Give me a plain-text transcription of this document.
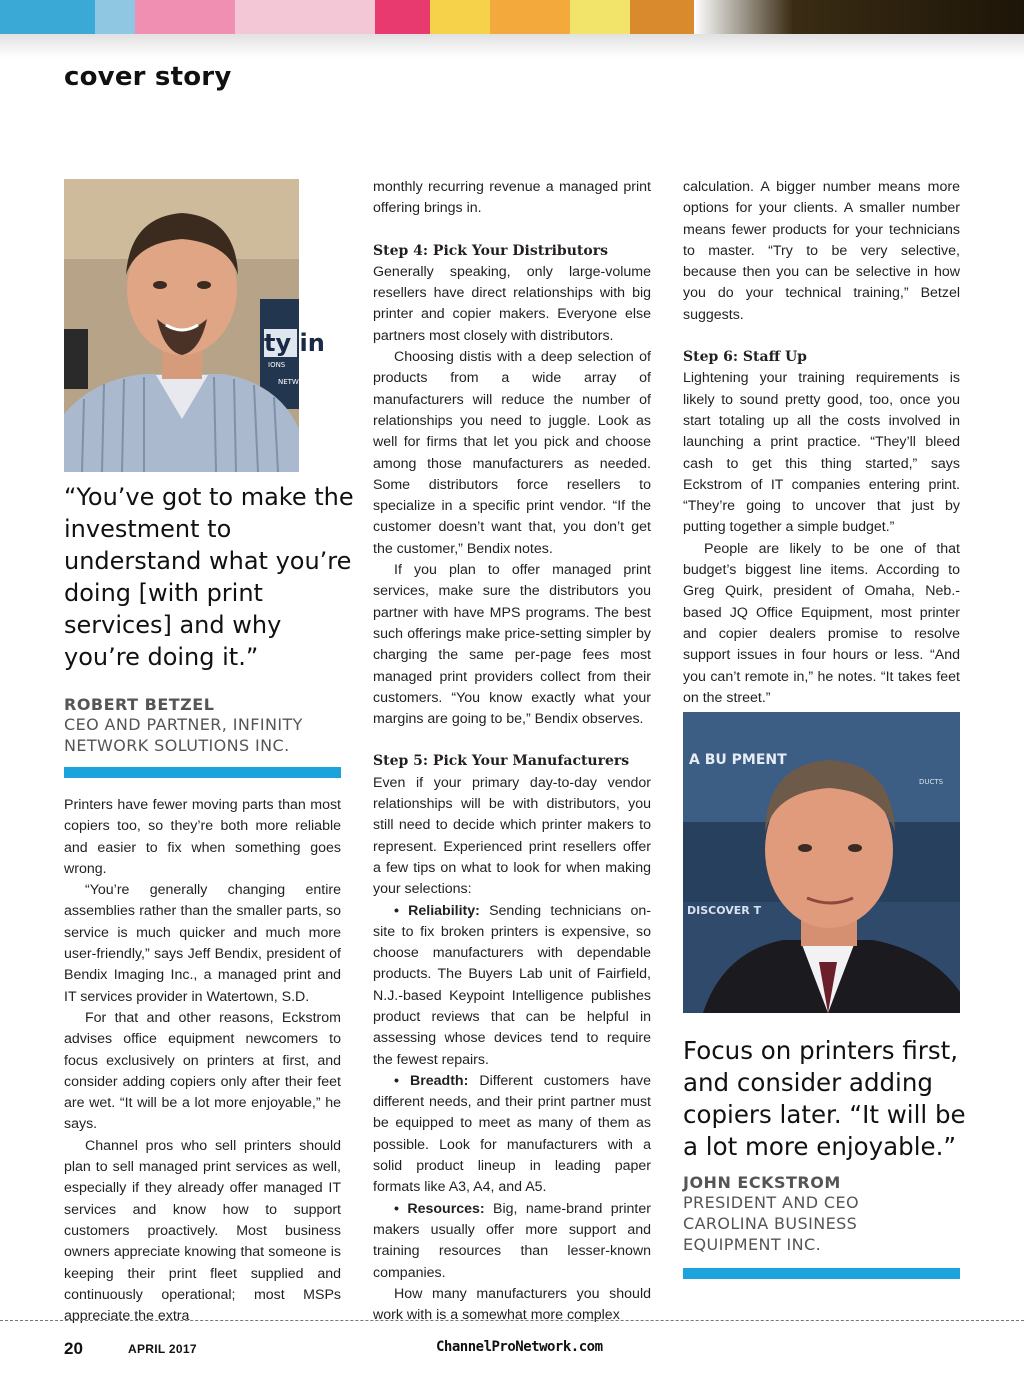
cover story
ty in
IONS
NETW
“You’ve got to make the investment to understand what you’re doing [with print services] and why you’re doing it.”
ROBERT BETZEL
CEO AND PARTNER, INFINITY NETWORK SOLUTIONS INC.

Printers have fewer moving parts than most copiers too, so they’re both more reliable and easier to fix when something goes wrong.

“You’re generally changing entire assemblies rather than the smaller parts, so service is much quicker and much more user-friendly,” says Jeff Bendix, president of Bendix Imaging Inc., a managed print and IT services provider in Watertown, S.D.

For that and other reasons, Eckstrom advises office equipment newcomers to focus exclusively on printers at first, and consider adding copiers only after their feet are wet. “It will be a lot more enjoyable,” he says.

Channel pros who sell printers should plan to sell managed print services as well, especially if they already offer managed IT services and know how to support customers proactively. Most business owners appreciate knowing that someone is keeping their print fleet supplied and continuously operational; most MSPs appreciate the extra

monthly recurring revenue a managed print offering brings in.

Step 4: Pick Your Distributors

Generally speaking, only large-volume resellers have direct relationships with big printer and copier makers. Everyone else partners most closely with distributors.

Choosing distis with a deep selection of products from a wide array of manufacturers will reduce the number of relationships you need to juggle. Look as well for firms that let you pick and choose among those manufacturers as needed. Some distributors force resellers to specialize in a specific print vendor. “If the customer doesn’t want that, you don’t get the customer,” Bendix notes.

If you plan to offer managed print services, make sure the distributors you partner with have MPS programs. The best such offerings make price-setting simpler by charging the same per-page fees most managed print providers collect from their customers. “You know exactly what your margins are going to be,” Bendix observes.

Step 5: Pick Your Manufacturers

Even if your primary day-to-day vendor relationships will be with distributors, you still need to decide which printer makers to represent. Experienced print resellers offer a few tips on what to look for when making your selections:

• Reliability: Sending technicians on-site to fix broken printers is expensive, so choose manufacturers with dependable products. The Buyers Lab unit of Fairfield, N.J.-based Keypoint Intelligence publishes product reviews that can be helpful in assessing whose devices tend to require the fewest repairs.

• Breadth: Different customers have different needs, and their print partner must be equipped to meet as many of them as possible. Look for manufacturers with a solid product lineup in leading paper formats like A3, A4, and A5.

• Resources: Big, name-brand printer makers usually offer more support and training resources than lesser-known companies.

How many manufacturers you should work with is a somewhat more complex

calculation. A bigger number means more options for your clients. A smaller number means fewer products for your technicians to master. “Try to be very selective, because then you can be selective in how you do your technical training,” Betzel suggests.

Step 6: Staff Up

Lightening your training requirements is likely to sound pretty good, too, once you start totaling up all the costs involved in launching a print practice. “They’ll bleed cash to get this thing started,” says Eckstrom of IT companies entering print. “They’re going to uncover that just by putting together a simple budget.”

People are likely to be one of that budget’s biggest line items. According to Greg Quirk, president of Omaha, Neb.-based JQ Office Equipment, most printer and copier dealers promise to resolve support issues in four hours or less. “And you can’t remote in,” he notes. “It takes feet on the street.”

A BU PMENT
DISCOVER T
DUCTS
Focus on printers first, and consider adding copiers later. “It will be a lot more enjoyable.”
JOHN ECKSTROM
PRESIDENT AND CEO
CAROLINA BUSINESS
EQUIPMENT INC.
20	APRIL 2017	ChannelProNetwork.com
